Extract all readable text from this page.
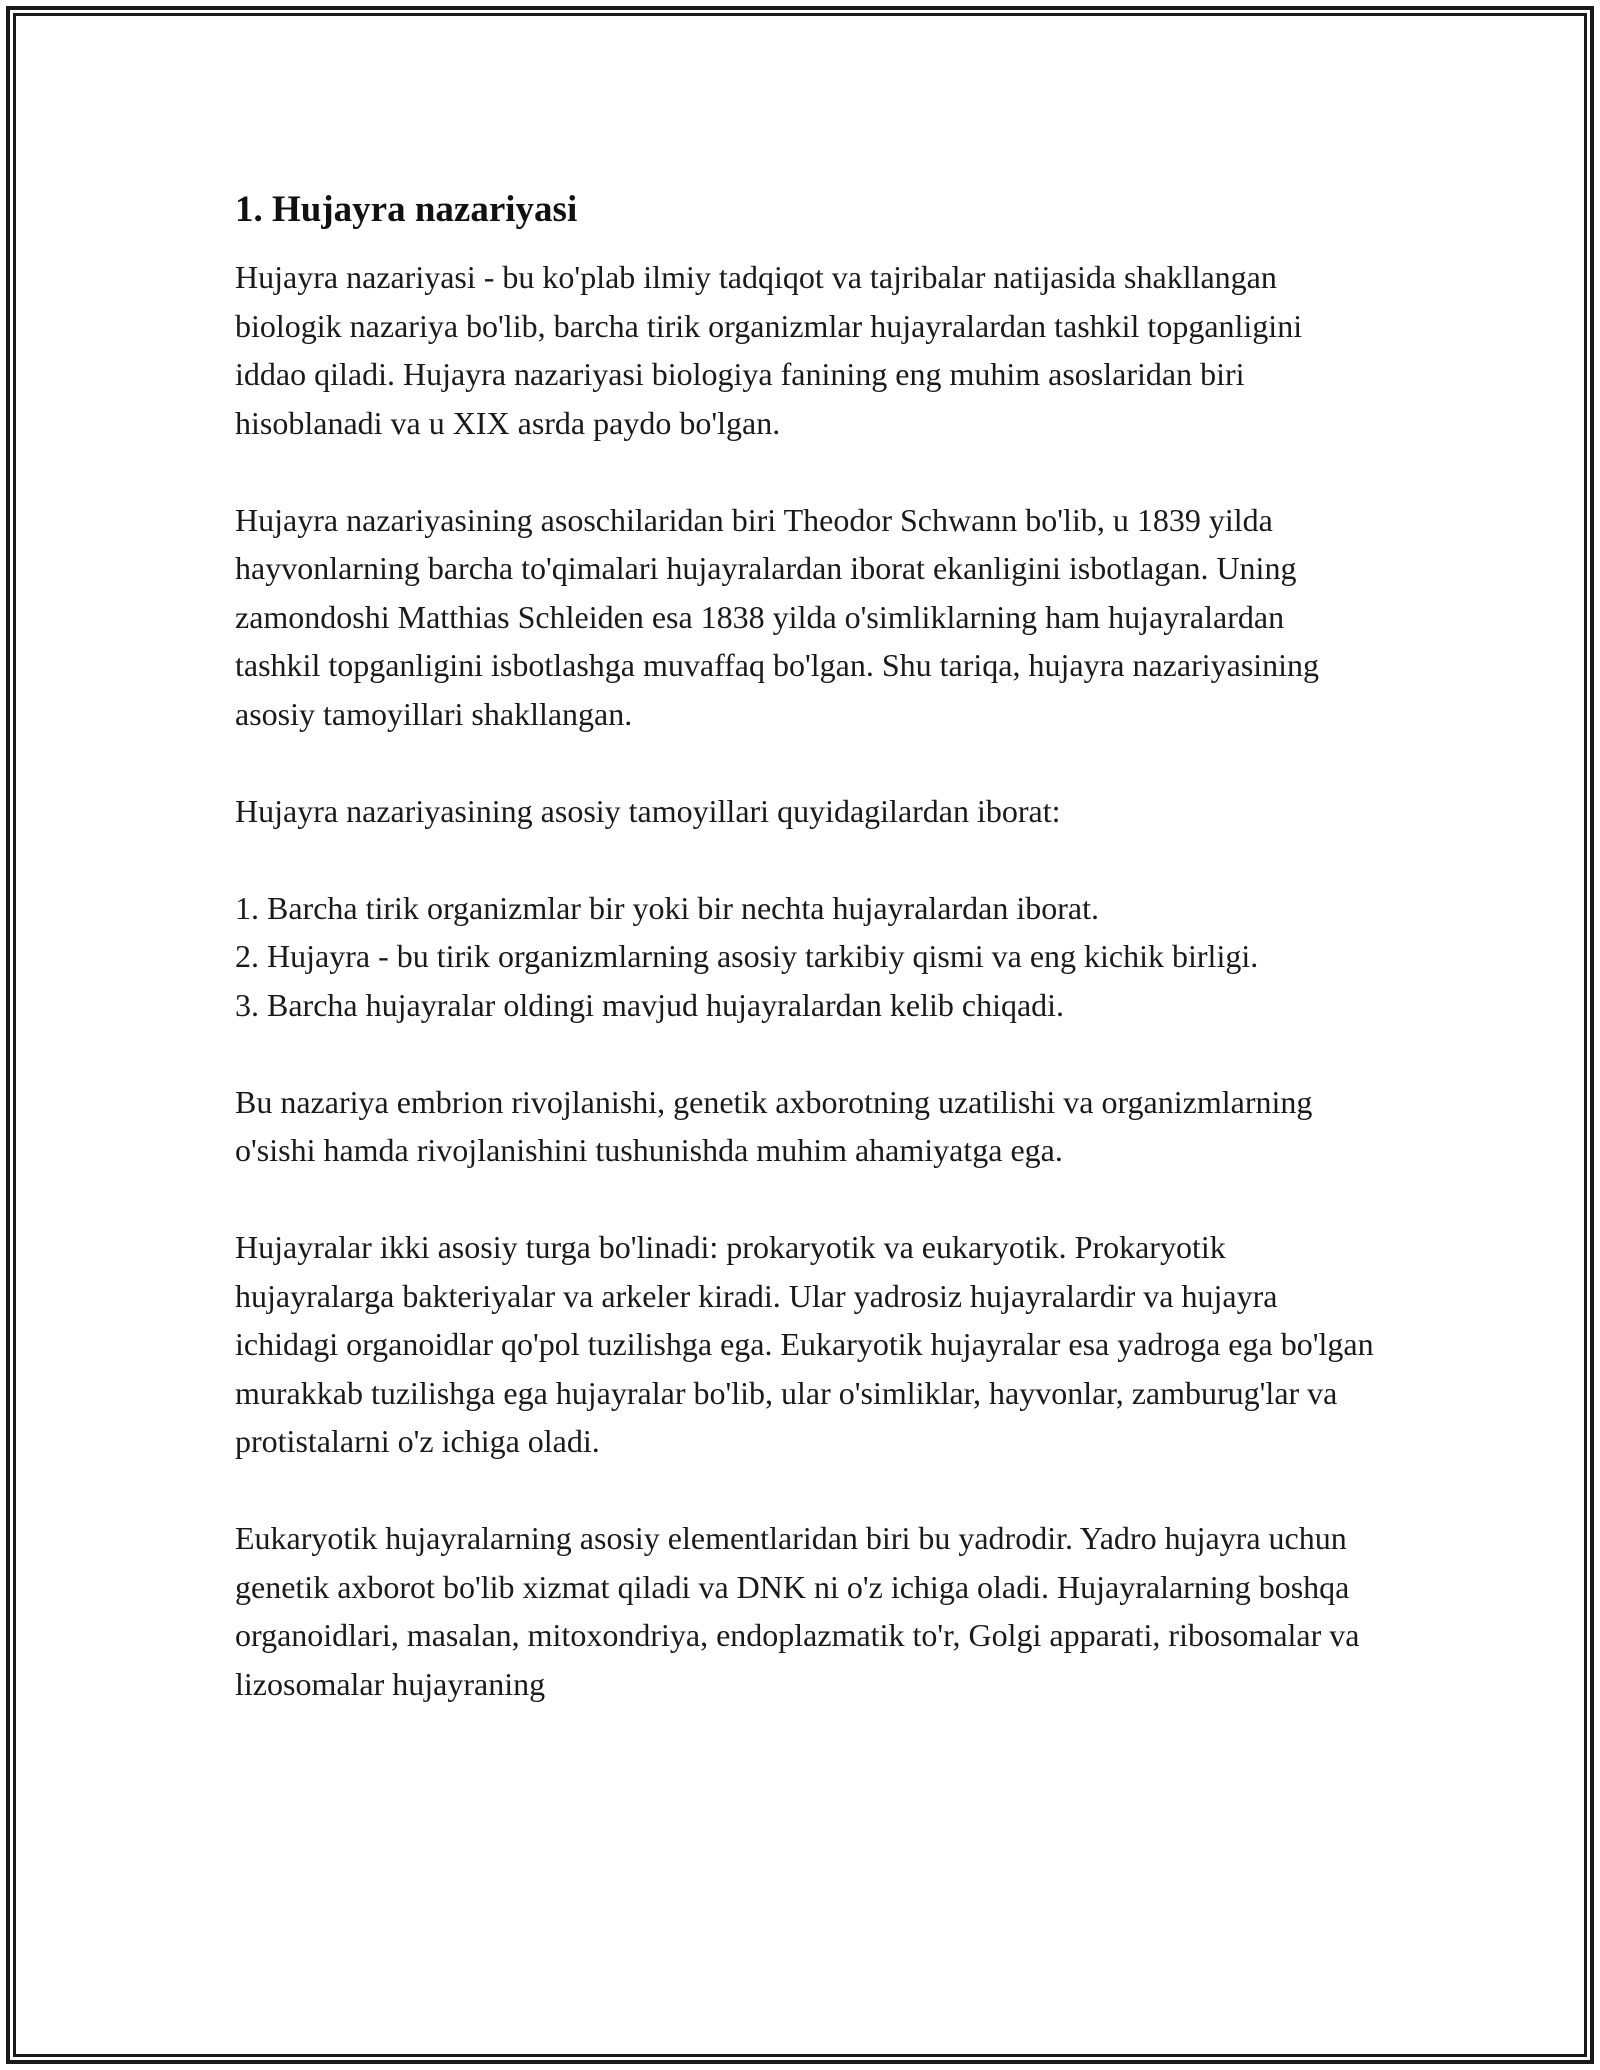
1. Hujayra nazariyasi

Hujayra nazariyasi - bu ko'plab ilmiy tadqiqot va tajribalar natijasida shakllangan biologik nazariya bo'lib, barcha tirik organizmlar hujayralardan tashkil topganligini iddao qiladi. Hujayra nazariyasi biologiya fanining eng muhim asoslaridan biri hisoblanadi va u XIX asrda paydo bo'lgan.

Hujayra nazariyasining asoschilaridan biri Theodor Schwann bo'lib, u 1839 yilda hayvonlarning barcha to'qimalari hujayralardan iborat ekanligini isbotlagan. Uning zamondoshi Matthias Schleiden esa 1838 yilda o'simliklarning ham hujayralardan tashkil topganligini isbotlashga muvaffaq bo'lgan. Shu tariqa, hujayra nazariyasining asosiy tamoyillari shakllangan.

Hujayra nazariyasining asosiy tamoyillari quyidagilardan iborat:

1. Barcha tirik organizmlar bir yoki bir nechta hujayralardan iborat.
2. Hujayra - bu tirik organizmlarning asosiy tarkibiy qismi va eng kichik birligi.
3. Barcha hujayralar oldingi mavjud hujayralardan kelib chiqadi.

Bu nazariya embrion rivojlanishi, genetik axborotning uzatilishi va organizmlarning o'sishi hamda rivojlanishini tushunishda muhim ahamiyatga ega.

Hujayralar ikki asosiy turga bo'linadi: prokaryotik va eukaryotik. Prokaryotik hujayralarga bakteriyalar va arkeler kiradi. Ular yadrosiz hujayralardir va hujayra ichidagi organoidlar qo'pol tuzilishga ega. Eukaryotik hujayralar esa yadroga ega bo'lgan murakkab tuzilishga ega hujayralar bo'lib, ular o'simliklar, hayvonlar, zamburug'lar va protistalarni o'z ichiga oladi.

Eukaryotik hujayralarning asosiy elementlaridan biri bu yadrodir. Yadro hujayra uchun genetik axborot bo'lib xizmat qiladi va DNK ni o'z ichiga oladi. Hujayralarning boshqa organoidlari, masalan, mitoxondriya, endoplazmatik to'r, Golgi apparati, ribosomalar va lizosomalar hujayraning
